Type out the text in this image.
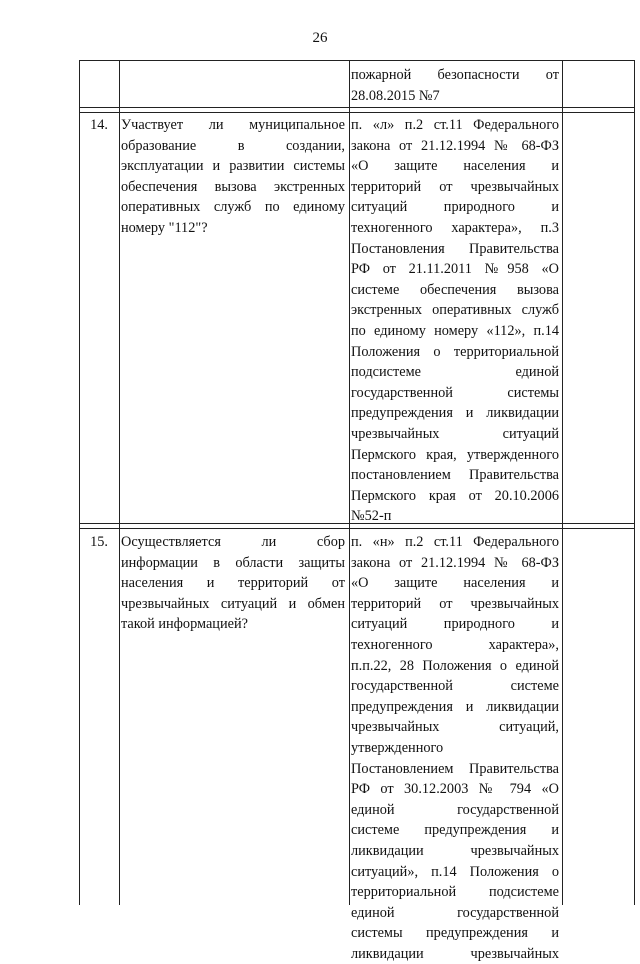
26
пожарной безопасности от
28.08.2015 №7
14. Участвует ли муниципальное
образование в создании,
эксплуатации и развитии системы
обеспечения вызова экстренных
оперативных служб по единому
номеру "112"?
п. «л» п.2 ст.11 Федерального
закона от 21.12.1994 № 68-ФЗ
«О защите населения и
территорий от чрезвычайных
ситуаций природного и
техногенного характера», п.3
Постановления Правительства
РФ от 21.11.2011 №958 «О
системе обеспечения вызова
экстренных оперативных служб
по единому номеру «112», п.14
Положения о территориальной
подсистеме единой
государственной системы
предупреждения и ликвидации
чрезвычайных ситуаций
Пермского края, утвержденного
постановлением Правительства
Пермского края от 20.10.2006
№52-п
15. Осуществляется ли сбор
информации в области защиты
населения и территорий от
чрезвычайных ситуаций и обмен
такой информацией?
п. «н» п.2 ст.11 Федерального
закона от 21.12.1994 № 68-ФЗ
«О защите населения и
территорий от чрезвычайных
ситуаций природного и
техногенного характера»,
п.п.22, 28 Положения о единой
государственной системе
предупреждения и ликвидации
чрезвычайных ситуаций,
утвержденного
Постановлением Правительства
РФ от 30.12.2003 № 794 «О
единой государственной
системе предупреждения и
ликвидации чрезвычайных
ситуаций», п.14 Положения о
территориальной подсистеме
единой государственной
системы предупреждения и
ликвидации чрезвычайных
